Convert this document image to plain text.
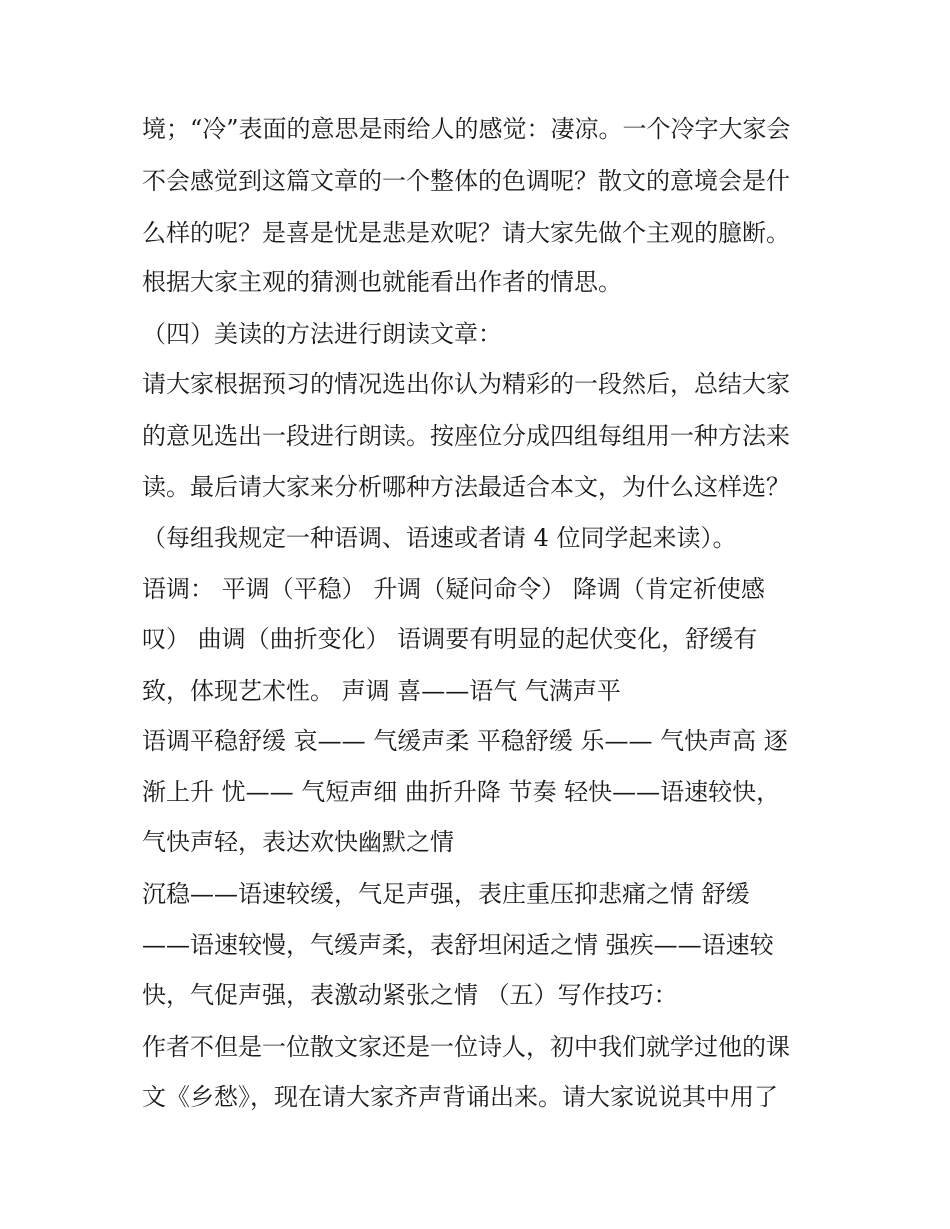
境；“冷”表面的意思是雨给人的感觉：凄凉。一个冷字大家会
不会感觉到这篇文章的一个整体的色调呢？散文的意境会是什
么样的呢？是喜是忧是悲是欢呢？请大家先做个主观的臆断。
根据大家主观的猜测也就能看出作者的情思。
（四）美读的方法进行朗读文章：
请大家根据预习的情况选出你认为精彩的一段然后，总结大家
的意见选出一段进行朗读。按座位分成四组每组用一种方法来
读。最后请大家来分析哪种方法最适合本文，为什么这样选？
（每组我规定一种语调、语速或者请 4 位同学起来读）。
语调： 平调（平稳） 升调（疑问命令） 降调（肯定祈使感
叹） 曲调（曲折变化） 语调要有明显的起伏变化，舒缓有
致，体现艺术性。 声调 喜——语气 气满声平
语调平稳舒缓 哀—— 气缓声柔 平稳舒缓 乐—— 气快声高 逐
渐上升 忧—— 气短声细 曲折升降 节奏 轻快——语速较快，
气快声轻，表达欢快幽默之情
沉稳——语速较缓，气足声强，表庄重压抑悲痛之情 舒缓
——语速较慢，气缓声柔，表舒坦闲适之情 强疾——语速较
快，气促声强，表激动紧张之情 （五）写作技巧：
作者不但是一位散文家还是一位诗人，初中我们就学过他的课
文《乡愁》，现在请大家齐声背诵出来。请大家说说其中用了
